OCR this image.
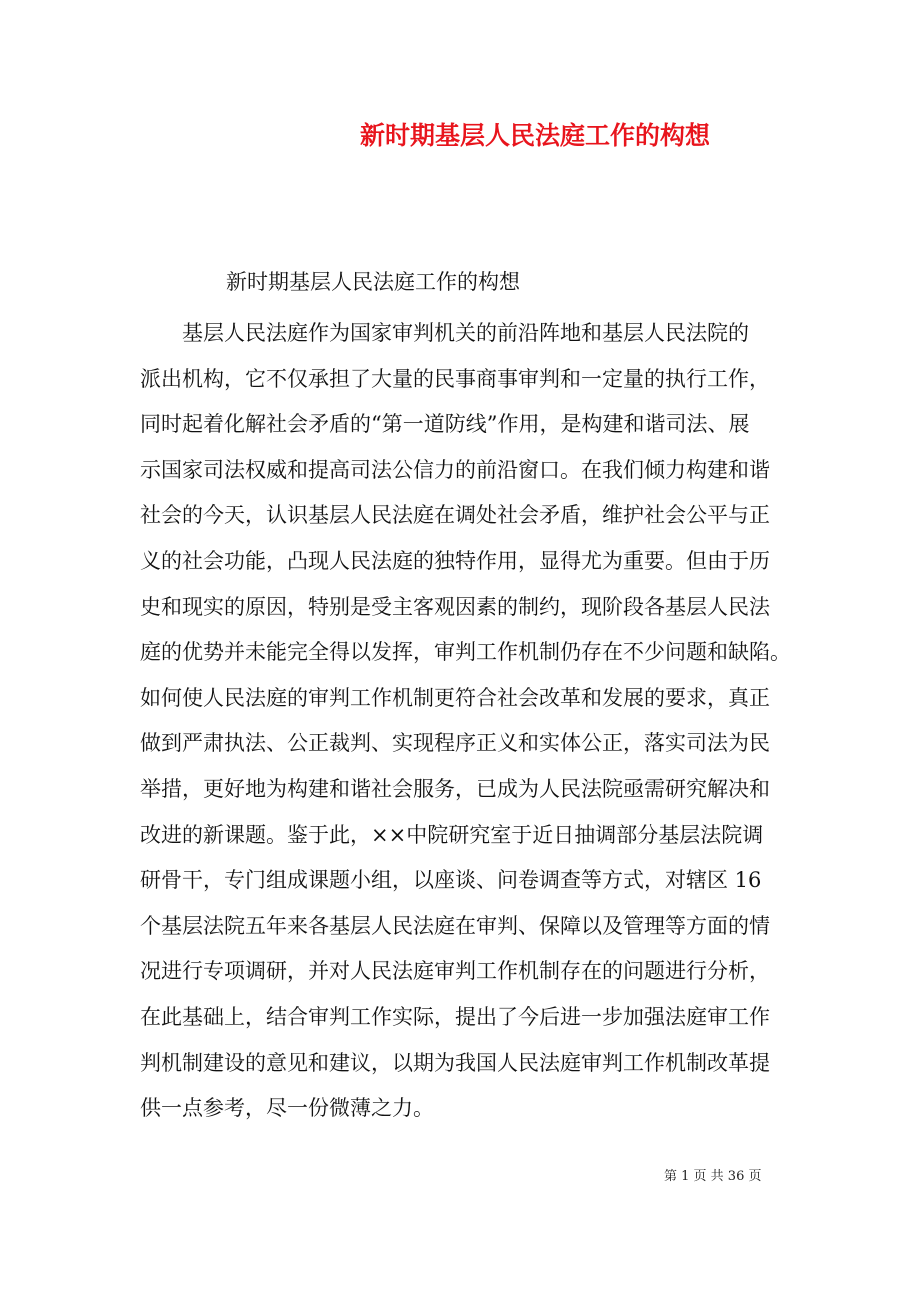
新时期基层人民法庭工作的构想
新时期基层人民法庭工作的构想
基层人民法庭作为国家审判机关的前沿阵地和基层人民法院的
派出机构，它不仅承担了大量的民事商事审判和一定量的执行工作，
同时起着化解社会矛盾的“第一道防线”作用，是构建和谐司法、展
示国家司法权威和提高司法公信力的前沿窗口。在我们倾力构建和谐
社会的今天，认识基层人民法庭在调处社会矛盾，维护社会公平与正
义的社会功能，凸现人民法庭的独特作用，显得尤为重要。但由于历
史和现实的原因，特别是受主客观因素的制约，现阶段各基层人民法
庭的优势并未能完全得以发挥，审判工作机制仍存在不少问题和缺陷。
如何使人民法庭的审判工作机制更符合社会改革和发展的要求，真正
做到严肃执法、公正裁判、实现程序正义和实体公正，落实司法为民
举措，更好地为构建和谐社会服务，已成为人民法院亟需研究解决和
改进的新课题。鉴于此，××中院研究室于近日抽调部分基层法院调
研骨干，专门组成课题小组，以座谈、问卷调查等方式，对辖区 16
个基层法院五年来各基层人民法庭在审判、保障以及管理等方面的情
况进行专项调研，并对人民法庭审判工作机制存在的问题进行分析，
在此基础上，结合审判工作实际，提出了今后进一步加强法庭审工作
判机制建设的意见和建议，以期为我国人民法庭审判工作机制改革提
供一点参考，尽一份微薄之力。
第 1 页 共 36 页
